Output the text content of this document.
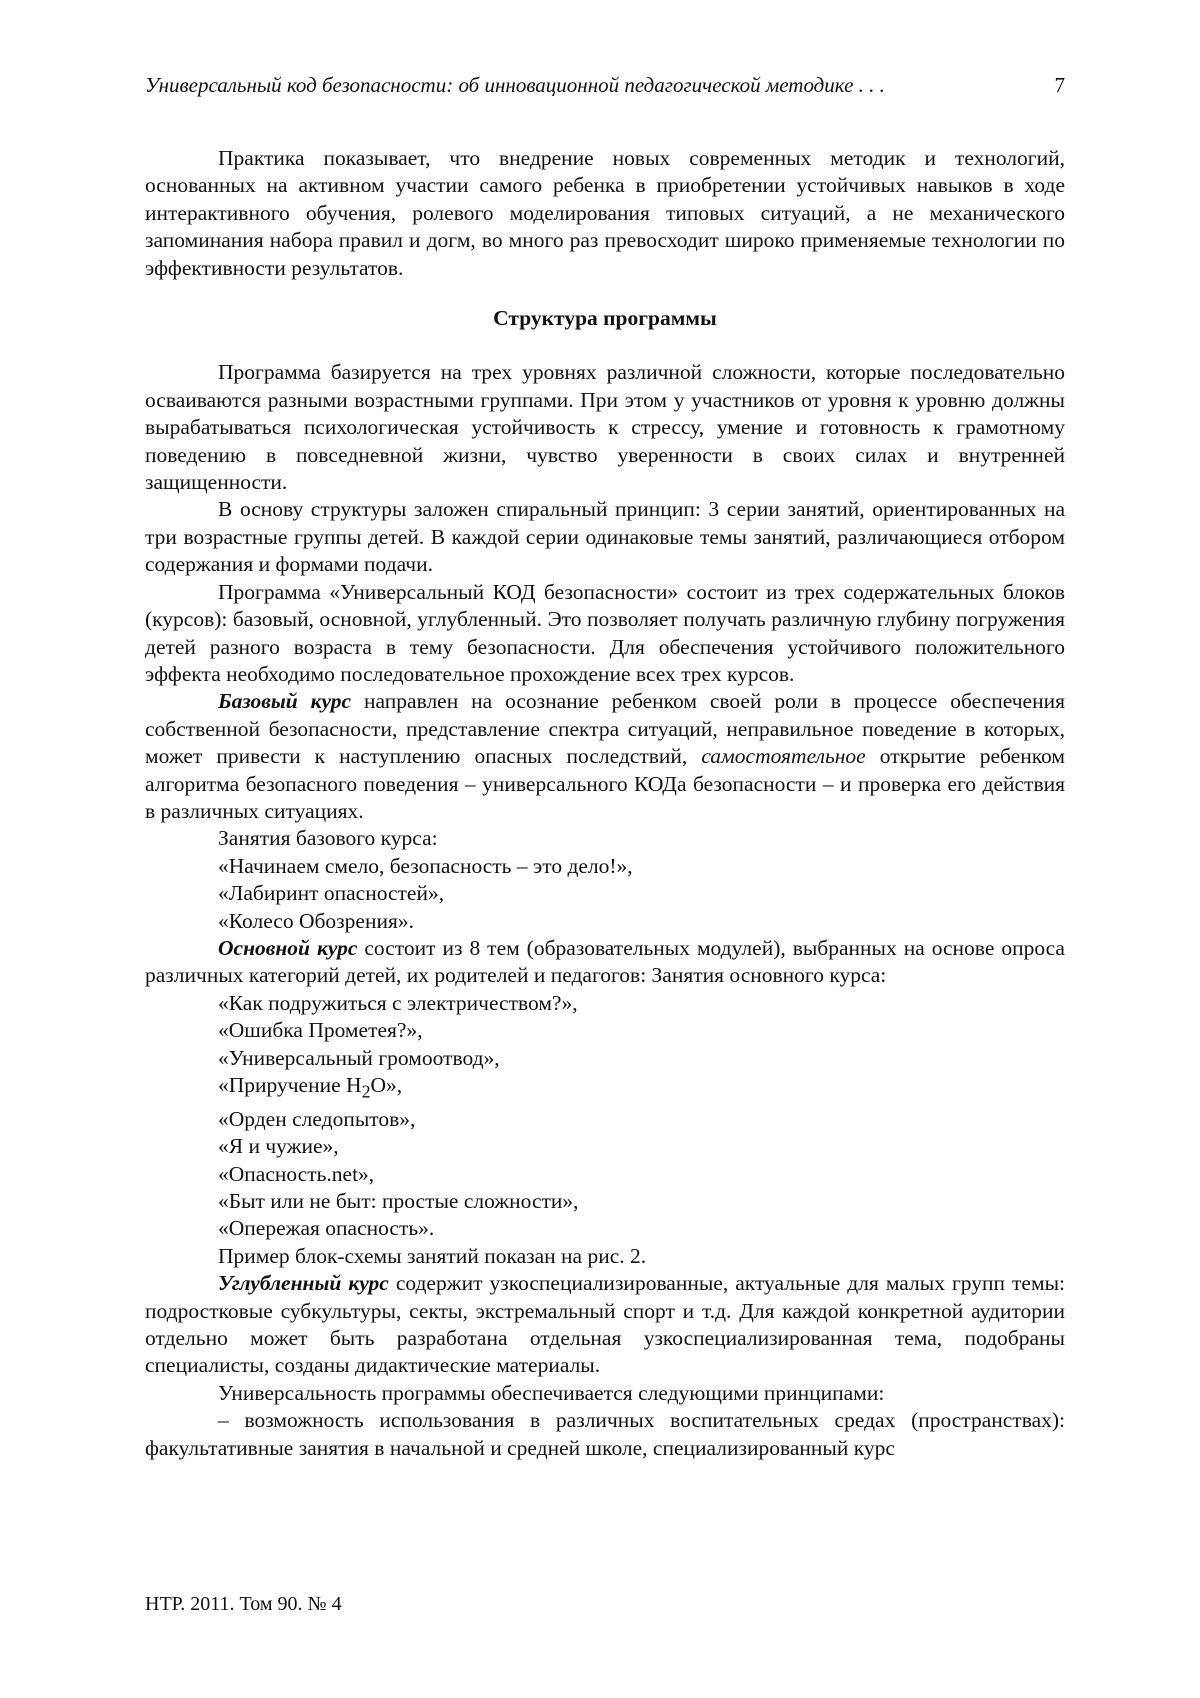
Универсальный код безопасности: об инновационной педагогической методике . . .	7

Практика показывает, что внедрение новых современных методик и технологий, основанных на активном участии самого ребенка в приобретении устойчивых навыков в ходе интерактивного обучения, ролевого моделирования типовых ситуаций, а не механического запоминания набора правил и догм, во много раз превосходит широко применяемые технологии по эффективности результатов.

Структура программы

Программа базируется на трех уровнях различной сложности, которые последовательно осваиваются разными возрастными группами. При этом у участников от уровня к уровню должны вырабатываться психологическая устойчивость к стрессу, умение и готовность к грамотному поведению в повседневной жизни, чувство уверенности в своих силах и внутренней защищенности.

В основу структуры заложен спиральный принцип: 3 серии занятий, ориентированных на три возрастные группы детей. В каждой серии одинаковые темы занятий, различающиеся отбором содержания и формами подачи.

Программа «Универсальный КОД безопасности» состоит из трех содержательных блоков (курсов): базовый, основной, углубленный. Это позволяет получать различную глубину погружения детей разного возраста в тему безопасности. Для обеспечения устойчивого положительного эффекта необходимо последовательное прохождение всех трех курсов.

Базовый курс направлен на осознание ребенком своей роли в процессе обеспечения собственной безопасности, представление спектра ситуаций, неправильное поведение в которых, может привести к наступлению опасных последствий, самостоятельное открытие ребенком алгоритма безопасного поведения – универсального КОДа безопасности – и проверка его действия в различных ситуациях.

Занятия базового курса:

«Начинаем смело, безопасность – это дело!»,

«Лабиринт опасностей»,

«Колесо Обозрения».

Основной курс состоит из 8 тем (образовательных модулей), выбранных на основе опроса различных категорий детей, их родителей и педагогов: Занятия основного курса:

«Как подружиться с электричеством?»,

«Ошибка Прометея?»,

«Универсальный громоотвод»,

«Приручение $H_2O$»,

«Орден следопытов»,

«Я и чужие»,

«Опасность.net»,

«Быт или не быт: простые сложности»,

«Опережая опасность».

Пример блок-схемы занятий показан на рис. 2.

Углубленный курс содержит узкоспециализированные, актуальные для малых групп темы: подростковые субкультуры, секты, экстремальный спорт и т.д. Для каждой конкретной аудитории отдельно может быть разработана отдельная узкоспециализированная тема, подобраны специалисты, созданы дидактические материалы.

Универсальность программы обеспечивается следующими принципами:

– возможность использования в различных воспитательных средах (пространствах): факультативные занятия в начальной и средней школе, специализированный курс

НТР. 2011. Том 90. № 4
